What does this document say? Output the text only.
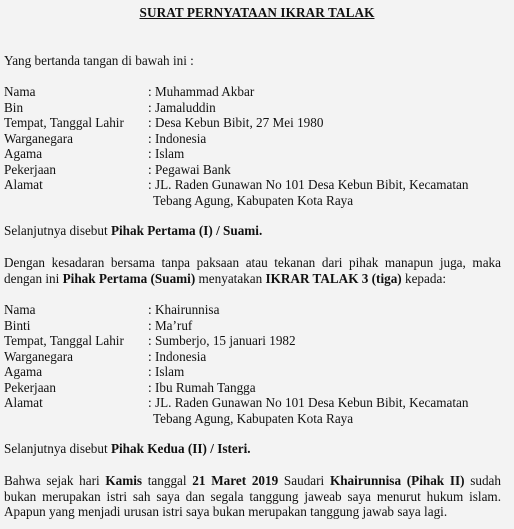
SURAT PERNYATAAN IKRAR TALAK
Yang bertanda tangan di bawah ini :
Nama	: Muhammad Akbar
Bin	: Jamaluddin
Tempat, Tanggal Lahir : Desa Kebun Bibit, 27 Mei 1980
Warganegara	: Indonesia
Agama	: Islam
Pekerjaan	: Pegawai Bank
Alamat	: JL. Raden Gunawan No 101 Desa Kebun Bibit, Kecamatan
Tebang Agung, Kabupaten Kota Raya
Selanjutnya disebut Pihak Pertama (I) / Suami.
Dengan kesadaran bersama tanpa paksaan atau tekanan dari pihak manapun juga, maka
dengan ini Pihak Pertama (Suami) menyatakan IKRAR TALAK 3 (tiga) kepada:
Nama	: Khairunnisa
Binti	: Ma’ruf
Tempat, Tanggal Lahir : Sumberjo, 15 januari 1982
Warganegara	: Indonesia
Agama	: Islam
Pekerjaan	: Ibu Rumah Tangga
Alamat	: JL. Raden Gunawan No 101 Desa Kebun Bibit, Kecamatan
Tebang Agung, Kabupaten Kota Raya
Selanjutnya disebut Pihak Kedua (II) / Isteri.
Bahwa sejak hari Kamis tanggal 21 Maret 2019 Saudari Khairunnisa (Pihak II) sudah
bukan merupakan istri sah saya dan segala tanggung jaweab saya menurut hukum islam.
Apapun yang menjadi urusan istri saya bukan merupakan tanggung jawab saya lagi.
